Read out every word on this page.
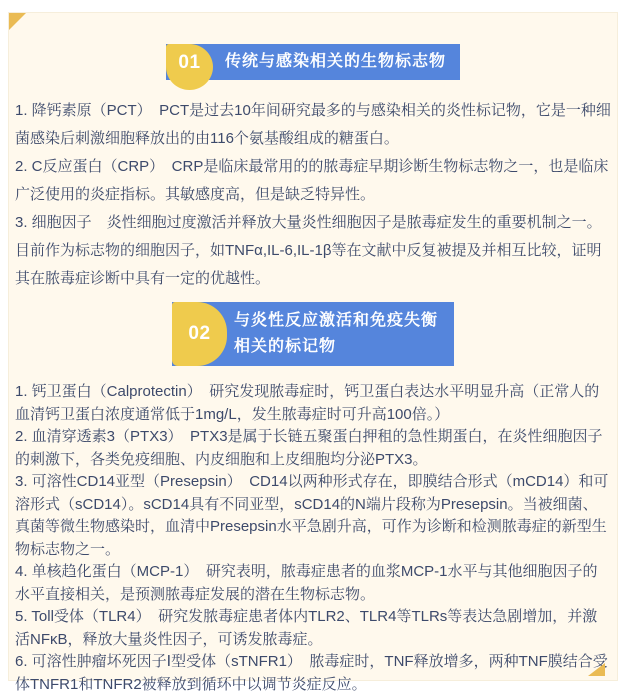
传统与感染相关的生物标志物
01

1. 降钙素原（PCT）　PCT是过去10年间研究最多的与感染相关的炎性标记物，它是一种细菌感染后刺激细胞释放出的由116个氨基酸组成的糖蛋白。

2. C反应蛋白（CRP）　CRP是临床最常用的的脓毒症早期诊断生物标志物之一，也是临床广泛使用的炎症指标。其敏感度高，但是缺乏特异性。

3. 细胞因子　炎性细胞过度激活并释放大量炎性细胞因子是脓毒症发生的重要机制之一。目前作为标志物的细胞因子，如TNFα,IL-6,IL-1β等在文献中反复被提及并相互比较，证明其在脓毒症诊断中具有一定的优越性。

与炎性反应激活和免疫失衡
相关的标记物
02

1. 钙卫蛋白（Calprotectin）　研究发现脓毒症时，钙卫蛋白表达水平明显升高（正常人的血清钙卫蛋白浓度通常低于1mg/L，发生脓毒症时可升高100倍。）

2. 血清穿透素3（PTX3）　PTX3是属于长链五聚蛋白押租的急性期蛋白，在炎性细胞因子的刺激下，各类免疫细胞、内皮细胞和上皮细胞均分泌PTX3。

3. 可溶性CD14亚型（Presepsin）　CD14以两种形式存在，即膜结合形式（mCD14）和可溶形式（sCD14）。sCD14具有不同亚型，sCD14的N端片段称为Presepsin。当被细菌、真菌等微生物感染时，血清中Presepsin水平急剧升高，可作为诊断和检测脓毒症的新型生物标志物之一。

4. 单核趋化蛋白（MCP-1）　研究表明，脓毒症患者的血浆MCP-1水平与其他细胞因子的水平直接相关，是预测脓毒症发展的潜在生物标志物。

5. Toll受体（TLR4）　研究发脓毒症患者体内TLR2、TLR4等TLRs等表达急剧增加，并激活NFκB，释放大量炎性因子，可诱发脓毒症。

6. 可溶性肿瘤坏死因子Ⅰ型受体（sTNFR1）　脓毒症时，TNF释放增多，两种TNF膜结合受体TNFR1和TNFR2被释放到循环中以调节炎症反应。
